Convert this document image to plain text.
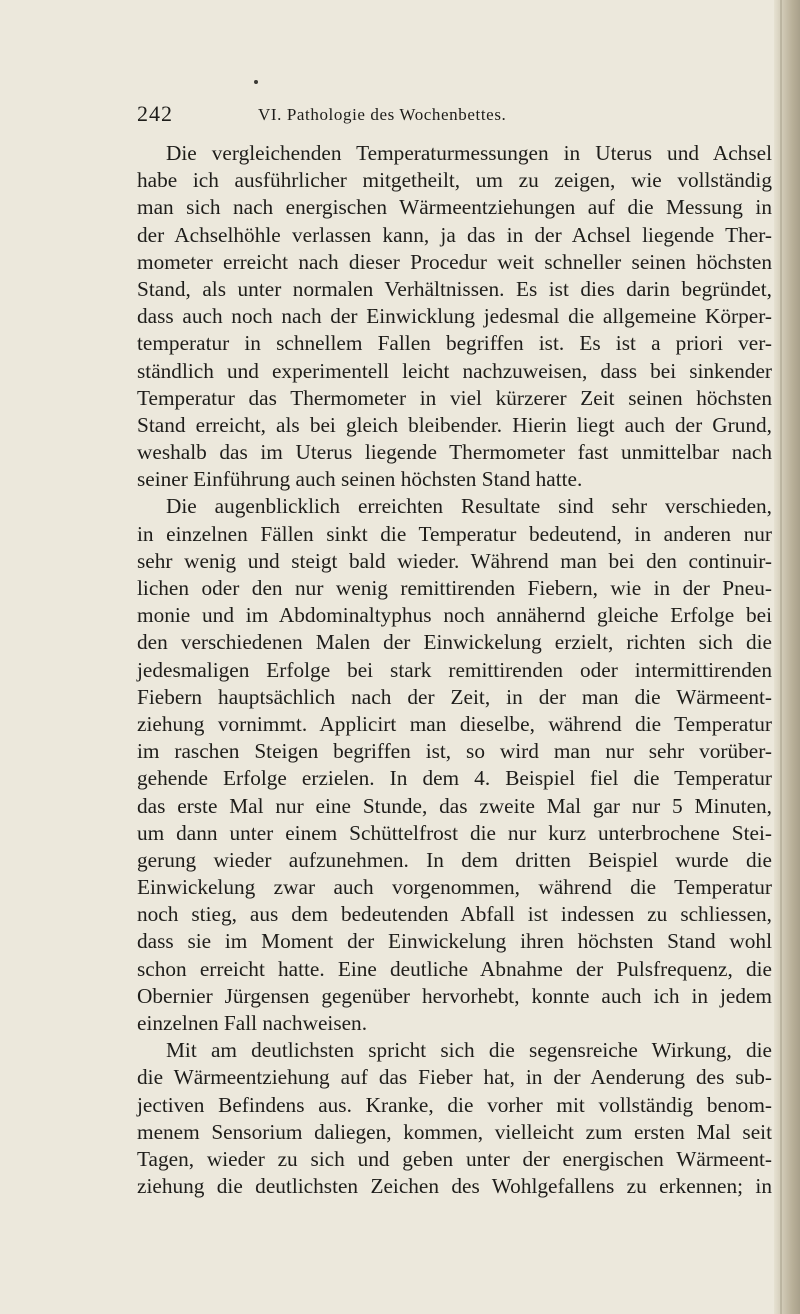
242	VI. Pathologie des Wochenbettes.
Die vergleichenden Temperaturmessungen in Uterus und Achsel
habe ich ausführlicher mitgetheilt, um zu zeigen, wie vollständig
man sich nach energischen Wärmeentziehungen auf die Messung in
der Achselhöhle verlassen kann, ja das in der Achsel liegende Ther-
mometer erreicht nach dieser Procedur weit schneller seinen höchsten
Stand, als unter normalen Verhältnissen. Es ist dies darin begründet,
dass auch noch nach der Einwicklung jedesmal die allgemeine Körper-
temperatur in schnellem Fallen begriffen ist. Es ist a priori ver-
ständlich und experimentell leicht nachzuweisen, dass bei sinkender
Temperatur das Thermometer in viel kürzerer Zeit seinen höchsten
Stand erreicht, als bei gleich bleibender. Hierin liegt auch der Grund,
weshalb das im Uterus liegende Thermometer fast unmittelbar nach
seiner Einführung auch seinen höchsten Stand hatte.
Die augenblicklich erreichten Resultate sind sehr verschieden,
in einzelnen Fällen sinkt die Temperatur bedeutend, in anderen nur
sehr wenig und steigt bald wieder. Während man bei den continuir-
lichen oder den nur wenig remittirenden Fiebern, wie in der Pneu-
monie und im Abdominaltyphus noch annähernd gleiche Erfolge bei
den verschiedenen Malen der Einwickelung erzielt, richten sich die
jedesmaligen Erfolge bei stark remittirenden oder intermittirenden
Fiebern hauptsächlich nach der Zeit, in der man die Wärmeent-
ziehung vornimmt. Applicirt man dieselbe, während die Temperatur
im raschen Steigen begriffen ist, so wird man nur sehr vorüber-
gehende Erfolge erzielen. In dem 4. Beispiel fiel die Temperatur
das erste Mal nur eine Stunde, das zweite Mal gar nur 5 Minuten,
um dann unter einem Schüttelfrost die nur kurz unterbrochene Stei-
gerung wieder aufzunehmen. In dem dritten Beispiel wurde die
Einwickelung zwar auch vorgenommen, während die Temperatur
noch stieg, aus dem bedeutenden Abfall ist indessen zu schliessen,
dass sie im Moment der Einwickelung ihren höchsten Stand wohl
schon erreicht hatte. Eine deutliche Abnahme der Pulsfrequenz, die
Obernier Jürgensen gegenüber hervorhebt, konnte auch ich in jedem
einzelnen Fall nachweisen.
Mit am deutlichsten spricht sich die segensreiche Wirkung, die
die Wärmeentziehung auf das Fieber hat, in der Aenderung des sub-
jectiven Befindens aus. Kranke, die vorher mit vollständig benom-
menem Sensorium daliegen, kommen, vielleicht zum ersten Mal seit
Tagen, wieder zu sich und geben unter der energischen Wärmeent-
ziehung die deutlichsten Zeichen des Wohlgefallens zu erkennen; in
